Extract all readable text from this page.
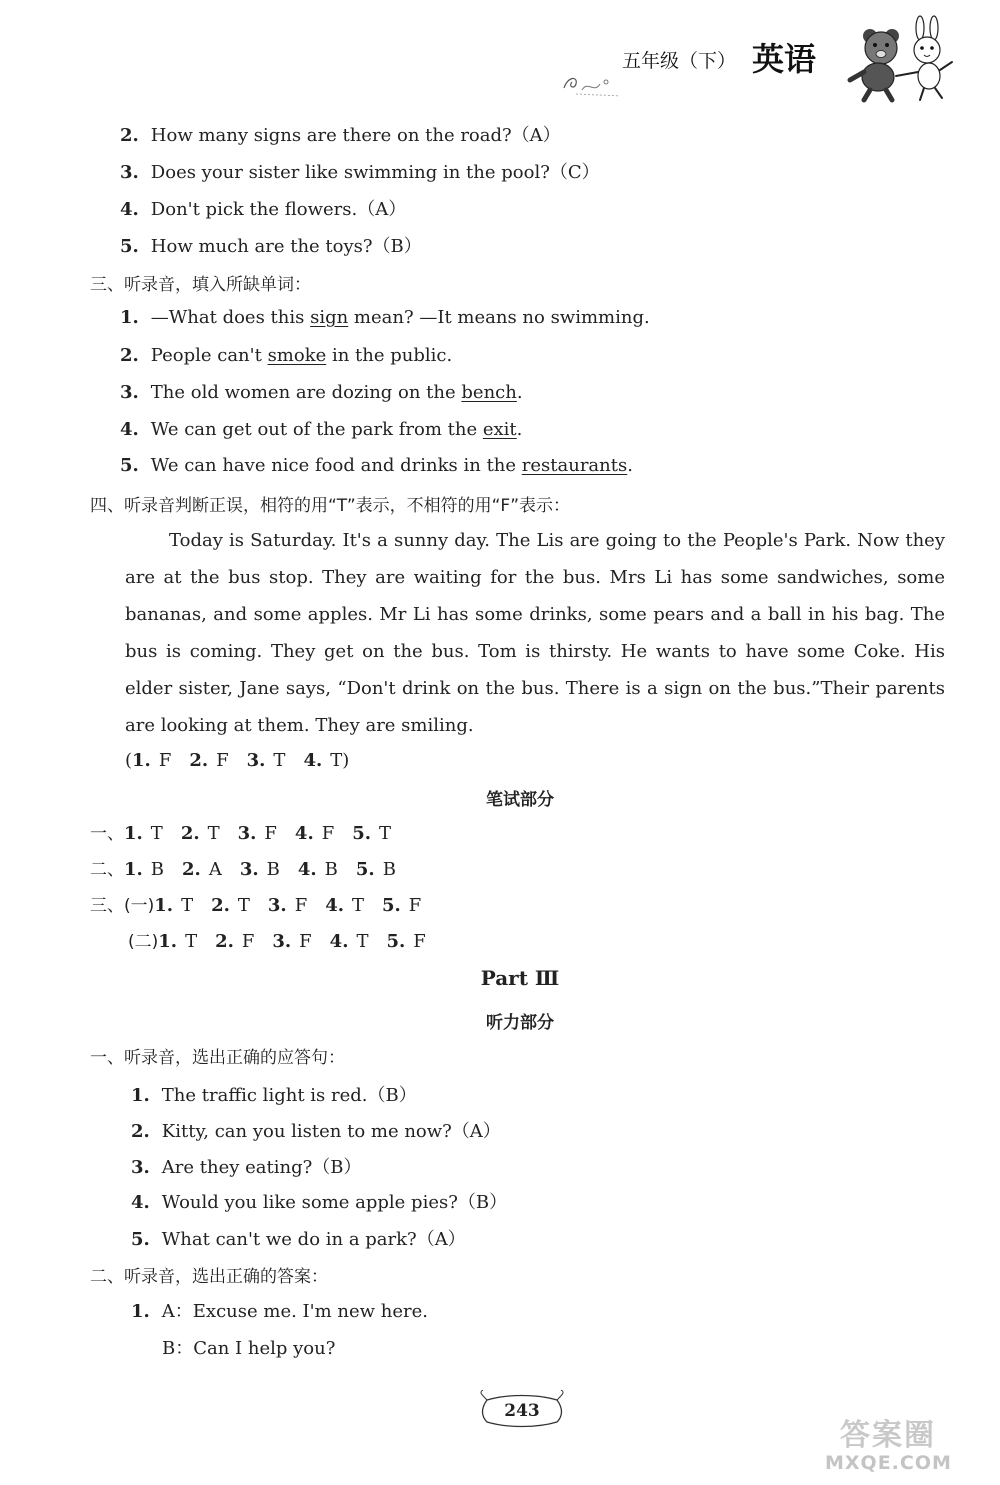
五年级（下） 英语
2. How many signs are there on the road?（A）
3. Does your sister like swimming in the pool?（C）
4. Don't pick the flowers.（A）
5. How much are the toys?（B）
三、听录音，填入所缺单词：
1. —What does this sign mean? —It means no swimming.
2. People can't smoke in the public.
3. The old women are dozing on the bench.
4. We can get out of the park from the exit.
5. We can have nice food and drinks in the restaurants.
四、听录音判断正误，相符的用“T”表示，不相符的用“F”表示：
Today is Saturday. It's a sunny day. The Lis are going to the People's Park. Now they are at the bus stop. They are waiting for the bus. Mrs Li has some sandwiches, some bananas, and some apples. Mr Li has some drinks, some pears and a ball in his bag. The bus is coming. They get on the bus. Tom is thirsty. He wants to have some Coke. His elder sister, Jane says, “Don't drink on the bus. There is a sign on the bus.”Their parents are looking at them. They are smiling.
(1. F 2. F 3. T 4. T)
笔试部分
一、1. T 2. T 3. F 4. F 5. T
二、1. B 2. A 3. B 4. B 5. B
三、(一)1. T 2. T 3. F 4. T 5. F
(二)1. T 2. F 3. F 4. T 5. F
Part Ⅲ
听力部分
一、听录音，选出正确的应答句：
1. The traffic light is red.（B）
2. Kitty, can you listen to me now?（A）
3. Are they eating?（B）
4. Would you like some apple pies?（B）
5. What can't we do in a park?（A）
二、听录音，选出正确的答案：
1. A：Excuse me. I'm new here.
B：Can I help you?
243
答案圈
MXQE.COM
